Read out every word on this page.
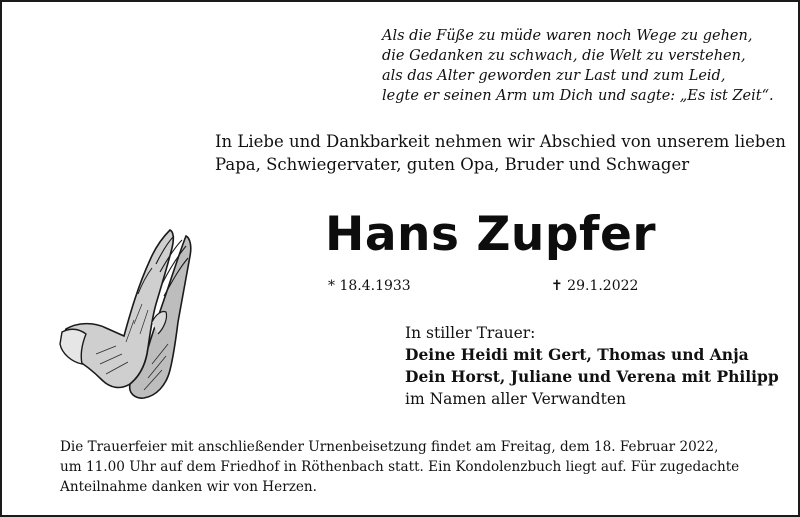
Als die Füße zu müde waren noch Wege zu gehen,
die Gedanken zu schwach, die Welt zu verstehen,
als das Alter geworden zur Last und zum Leid,
legte er seinen Arm um Dich und sagte: „Es ist Zeit“.
In Liebe und Dankbarkeit nehmen wir Abschied von unserem lieben
Papa, Schwiegervater, guten Opa, Bruder und Schwager
Hans Zupfer
* 18.4.1933	✝ 29.1.2022
In stiller Trauer:
Deine Heidi mit Gert, Thomas und Anja
Dein Horst, Juliane und Verena mit Philipp
im Namen aller Verwandten
Die Trauerfeier mit anschließender Urnenbeisetzung findet am Freitag, dem 18. Februar 2022,
um 11.00 Uhr auf dem Friedhof in Röthenbach statt. Ein Kondolenzbuch liegt auf. Für zugedachte
Anteilnahme danken wir von Herzen.
